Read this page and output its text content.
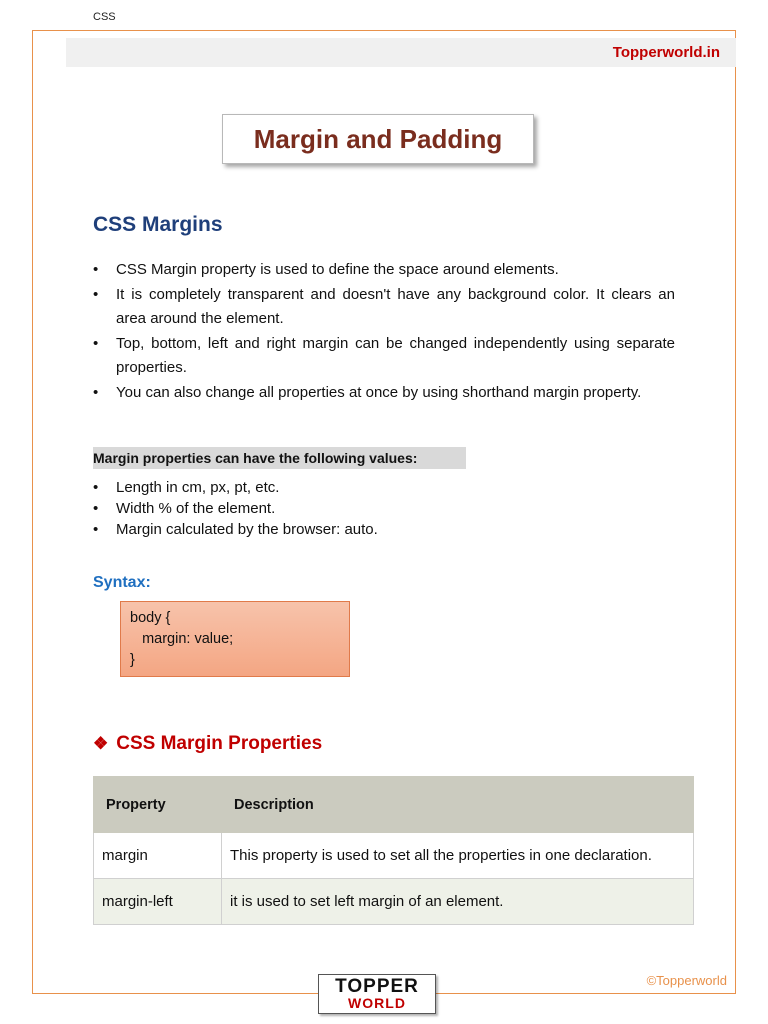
CSS
Topperworld.in
Margin and Padding
CSS Margins
• CSS Margin property is used to define the space around elements.
• It is completely transparent and doesn't have any background color. It clears an area around the element.
• Top, bottom, left and right margin can be changed independently using separate properties.
• You can also change all properties at once by using shorthand margin property.
Margin properties can have the following values:
• Length in cm, px, pt, etc.
• Width % of the element.
• Margin calculated by the browser: auto.
Syntax:
body {
margin: value;
}
❖ CSS Margin Properties
Property	Description
margin	This property is used to set all the properties in one declaration.
margin-left	it is used to set left margin of an element.
©Topperworld
TOPPER
WORLD
